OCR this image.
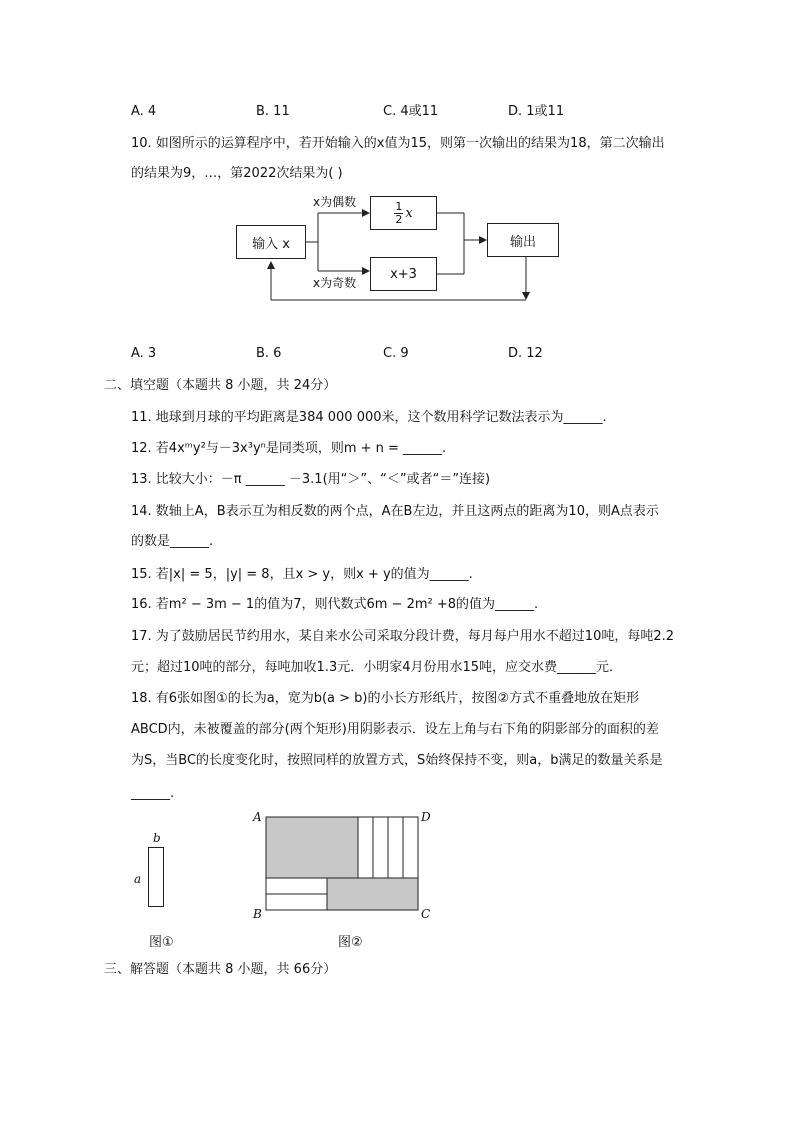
A. 4	B. 11	C. 4或11	D. 1或11
10. 如图所示的运算程序中，若开始输入的x值为15，则第一次输出的结果为18，第二次输出
的结果为9，…，第2022次结果为( )
输入 x
$\frac{1}{2}$ x
x+3
输出
x为偶数
x为奇数
A. 3	B. 6	C. 9	D. 12
二、填空题（本题共 8 小题，共 24分）
11. 地球到月球的平均距离是384 000 000米，这个数用科学记数法表示为______.
12. 若4xᵐy²与－3x³yⁿ是同类项，则m + n = ______.
13. 比较大小：－π ______ －3.1(用“＞”、“＜”或者“＝”连接)
14. 数轴上A，B表示互为相反数的两个点，A在B左边，并且这两点的距离为10，则A点表示
的数是______.
15. 若|x| = 5，|y| = 8，且x > y，则x + y的值为______.
16. 若m² − 3m − 1的值为7，则代数式6m − 2m² +8的值为______.
17. 为了鼓励居民节约用水，某自来水公司采取分段计费，每月每户用水不超过10吨，每吨2.2
元；超过10吨的部分，每吨加收1.3元．小明家4月份用水15吨，应交水费______元．
18. 有6张如图①的长为a，宽为b(a > b)的小长方形纸片，按图②方式不重叠地放在矩形
ABCD内，未被覆盖的部分(两个矩形)用阴影表示．设左上角与右下角的阴影部分的面积的差
为S，当BC的长度变化时，按照同样的放置方式，S始终保持不变，则a，b满足的数量关系是
______.
b
a
图①
A	D
B	C
图②
三、解答题（本题共 8 小题，共 66分）
